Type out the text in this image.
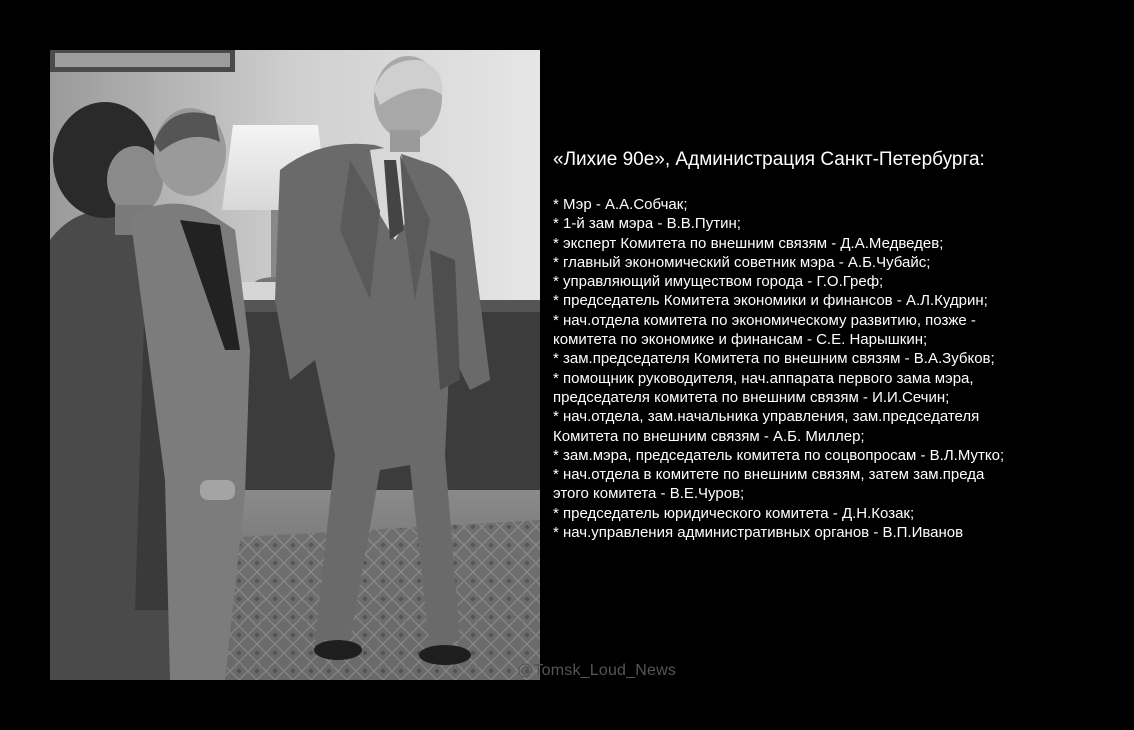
«Лихие 90е», Администрация Санкт-Петербурга:
* Мэр - А.А.Собчак;
* 1-й зам мэра - В.В.Путин;
* эксперт Комитета по внешним связям - Д.А.Медведев;
* главный экономический советник мэра - А.Б.Чубайс;
* управляющий имуществом города - Г.О.Греф;
* председатель Комитета экономики и финансов - А.Л.Кудрин;
* нач.отдела комитета по экономическому развитию, позже -
комитета по экономике и финансам - С.Е. Нарышкин;
* зам.председателя Комитета по внешним связям - В.А.Зубков;
* помощник руководителя, нач.аппарата первого зама мэра,
председателя комитета по внешним связям - И.И.Сечин;
* нач.отдела, зам.начальника управления, зам.председателя
Комитета по внешним связям - А.Б. Миллер;
* зам.мэра, председатель комитета по соцвопросам - В.Л.Мутко;
* нач.отдела в комитете по внешним связям, затем зам.преда
этого комитета - В.Е.Чуров;
* председатель юридического комитета - Д.Н.Козак;
* нач.управления административных органов - В.П.Иванов
@Tomsk_Loud_News
